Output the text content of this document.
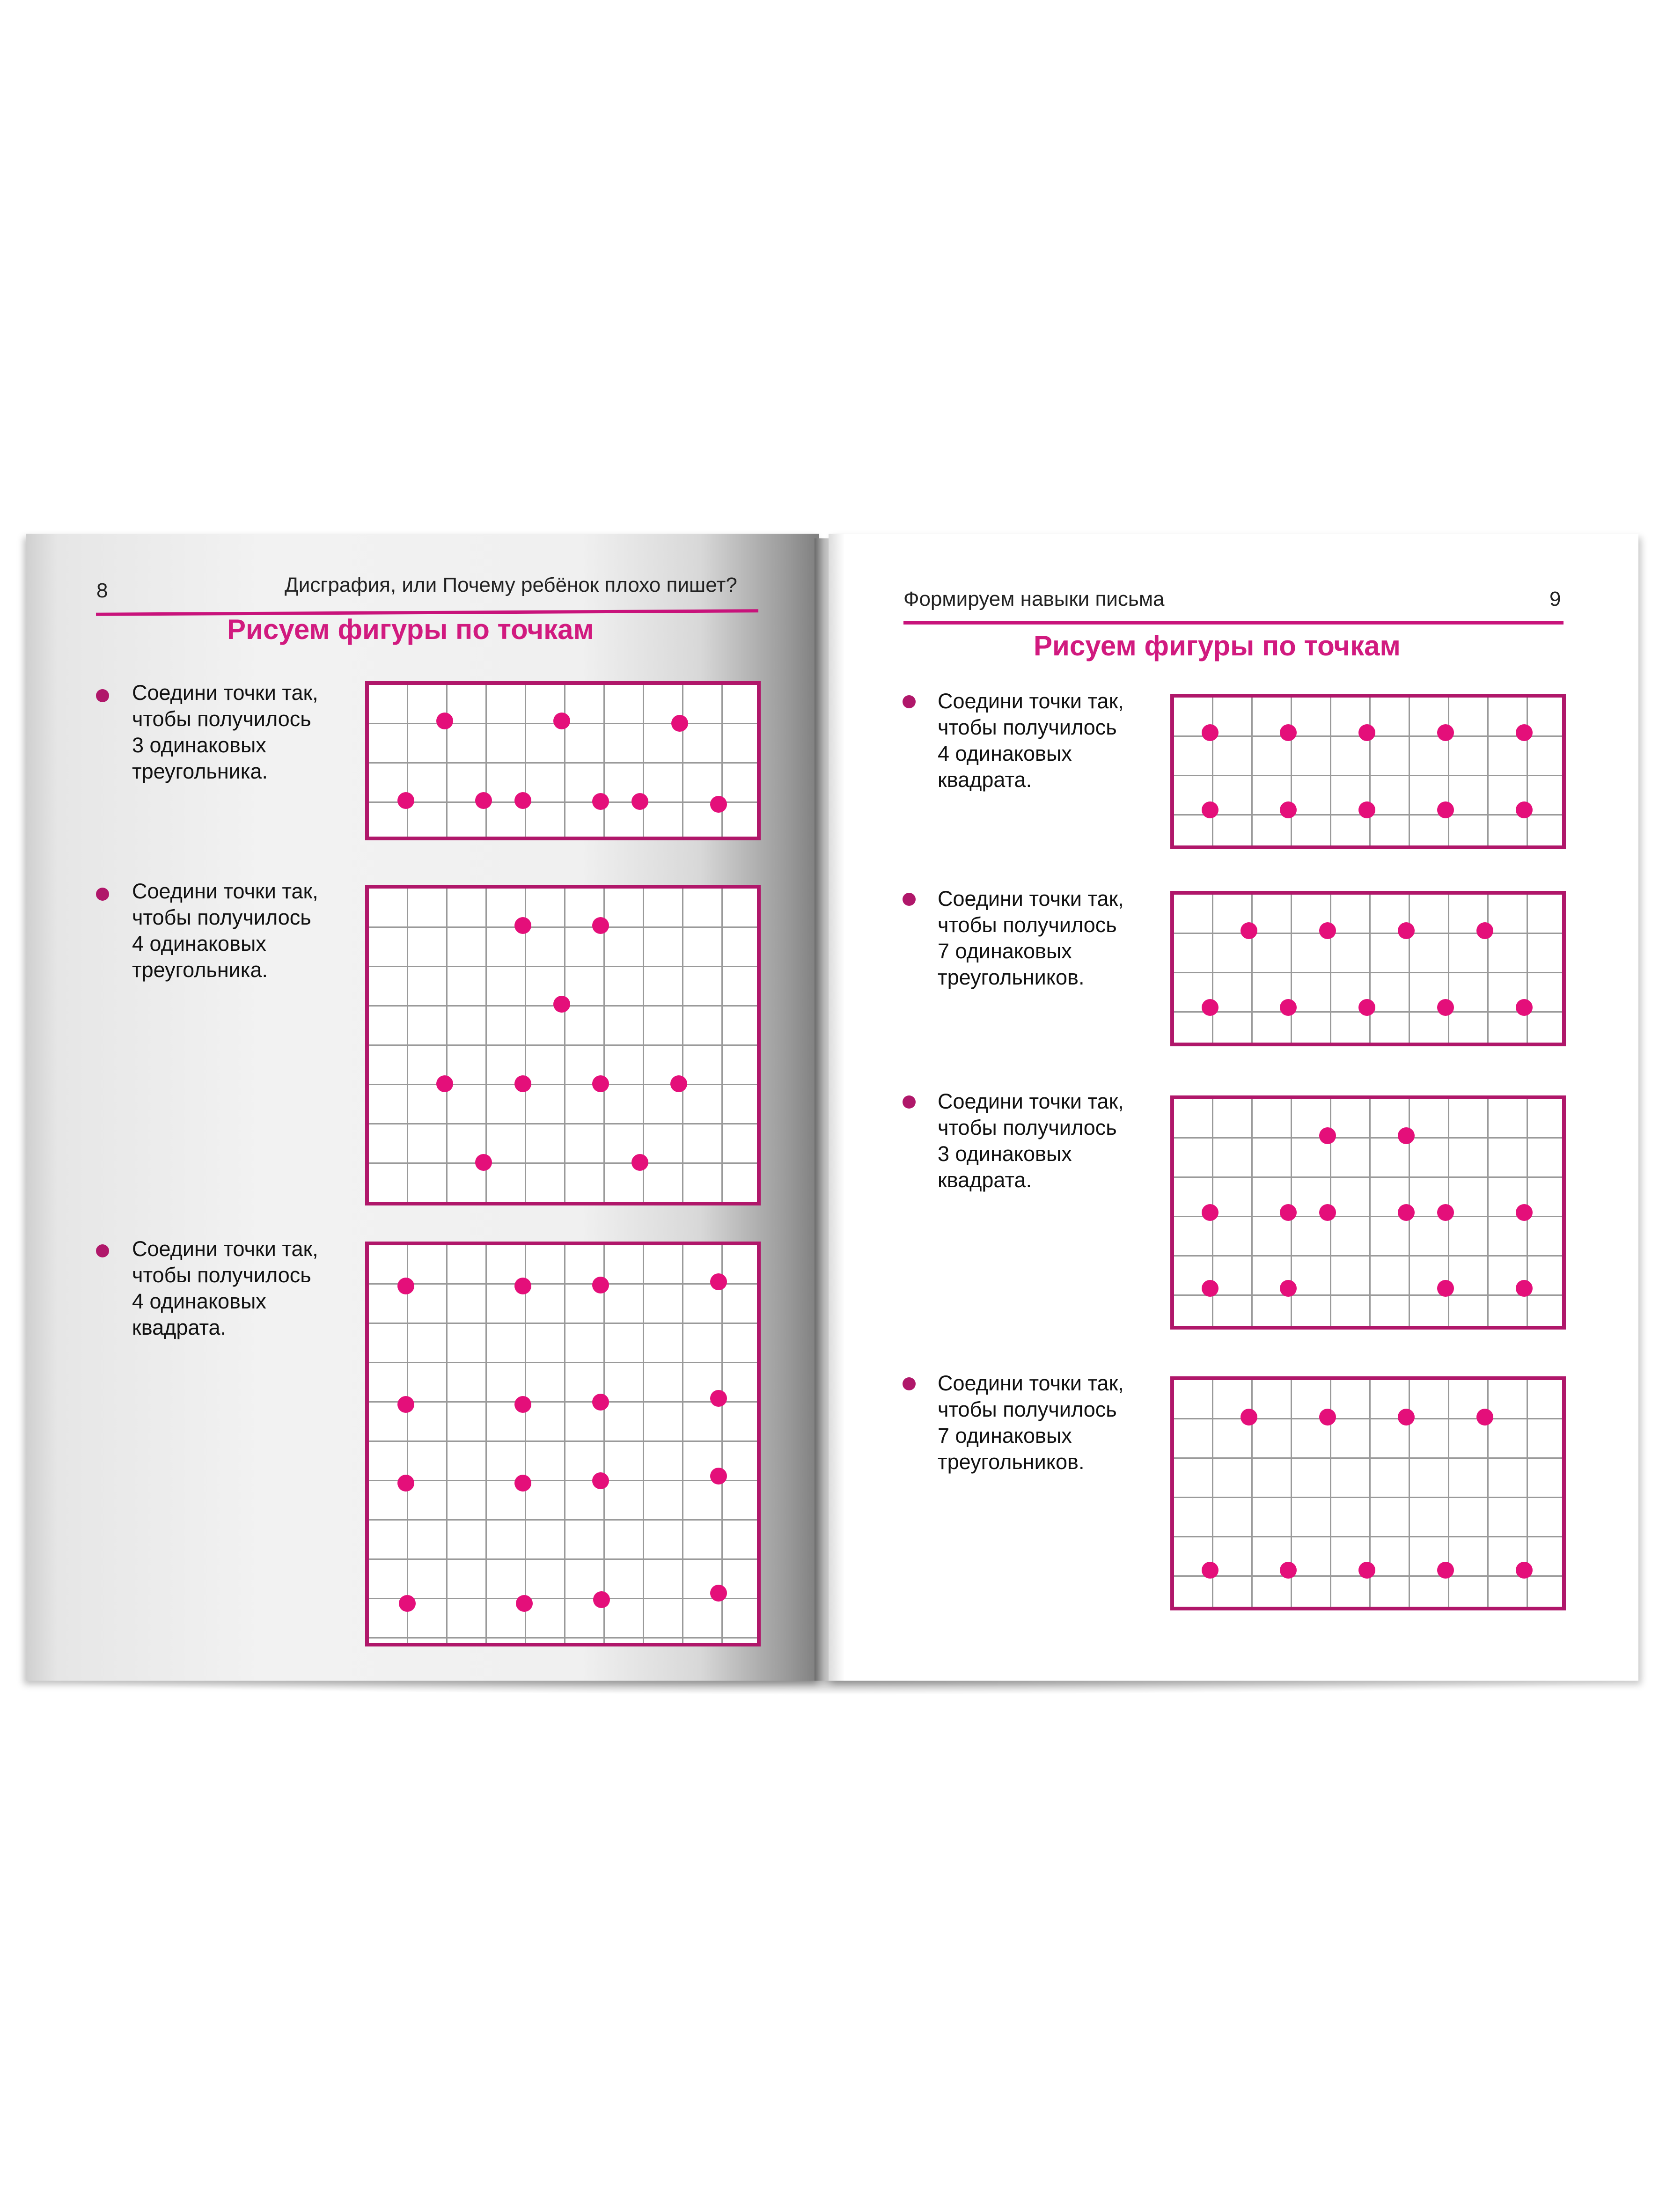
8	Дисграфия, или Почему ребёнок плохо пишет?
Рисуем фигуры по точкам
Соедини точки так,
чтобы получилось
3 одинаковых
треугольника.
Соедини точки так,
чтобы получилось
4 одинаковых
треугольника.
Соедини точки так,
чтобы получилось
4 одинаковых
квадрата.
Формируем навыки письма	9
Рисуем фигуры по точкам
Соедини точки так,
чтобы получилось
4 одинаковых
квадрата.
Соедини точки так,
чтобы получилось
7 одинаковых
треугольников.
Соедини точки так,
чтобы получилось
3 одинаковых
квадрата.
Соедини точки так,
чтобы получилось
7 одинаковых
треугольников.
